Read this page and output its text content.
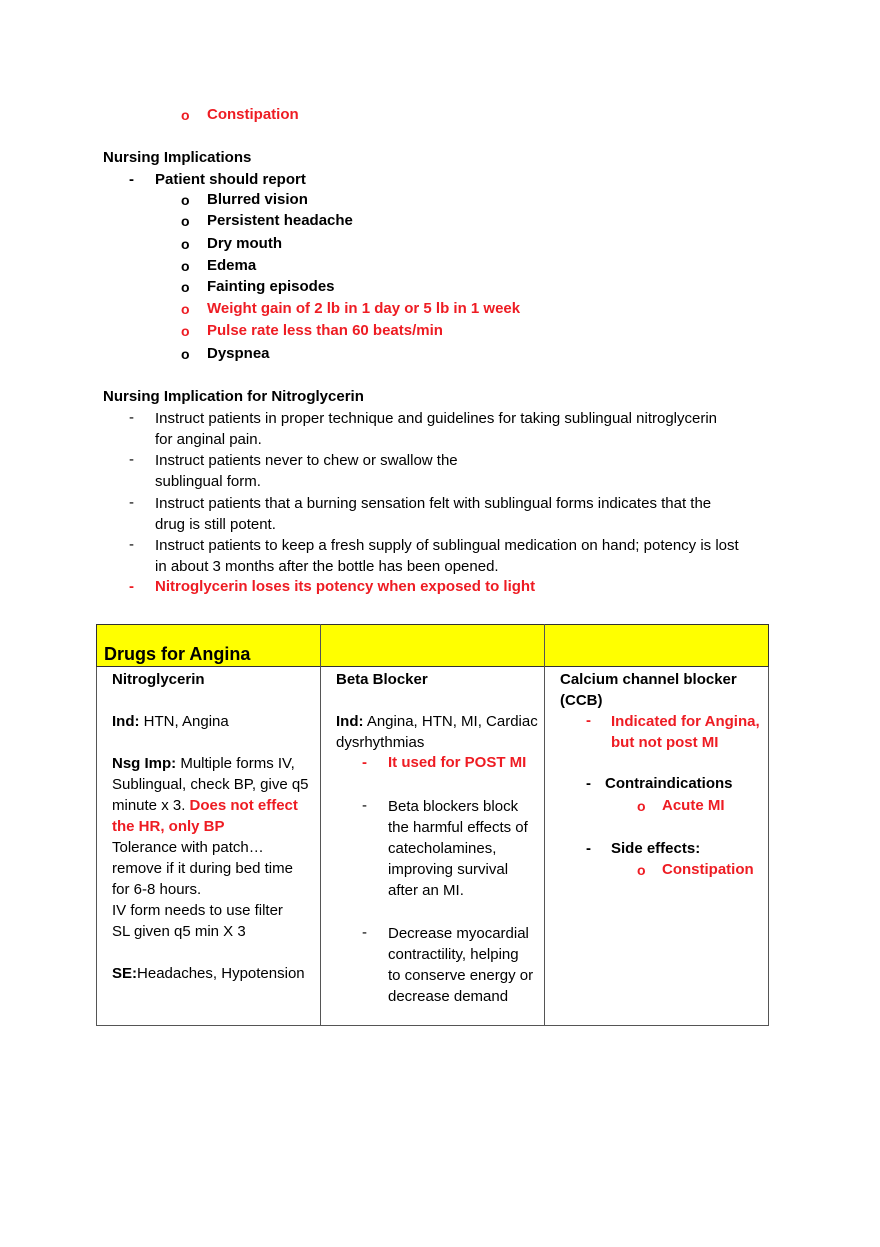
o Constipation
Nursing Implications
- Patient should report
o Blurred vision
o Persistent headache
o Dry mouth
o Edema
o Fainting episodes
o Weight gain of 2 lb in 1 day or 5 lb in 1 week
o Pulse rate less than 60 beats/min
o Dyspnea
Nursing Implication for Nitroglycerin
- Instruct patients in proper technique and guidelines for taking sublingual nitroglycerin
for anginal pain.
- Instruct patients never to chew or swallow the
sublingual form.
- Instruct patients that a burning sensation felt with sublingual forms indicates that the
drug is still potent.
- Instruct patients to keep a fresh supply of sublingual medication on hand; potency is lost
in about 3 months after the bottle has been opened.
- Nitroglycerin loses its potency when exposed to light
Drugs for Angina
Nitroglycerin

Ind: HTN, Angina

Nsg Imp: Multiple forms IV,
Sublingual, check BP, give q5
minute x 3. Does not effect
the HR, only BP
Tolerance with patch…
remove if it during bed time
for 6-8 hours.
IV form needs to use filter
SL given q5 min X 3

SE:Headaches, Hypotension
Beta Blocker

Ind: Angina, HTN, MI, Cardiac
dysrhythmias
- It used for POST MI
- Beta blockers block
the harmful effects of
catecholamines,
improving survival
after an MI.
- Decrease myocardial
contractility, helping
to conserve energy or
decrease demand
Calcium channel blocker
(CCB)
- Indicated for Angina,
but not post MI
- Contraindications
o Acute MI
- Side effects:
o Constipation
